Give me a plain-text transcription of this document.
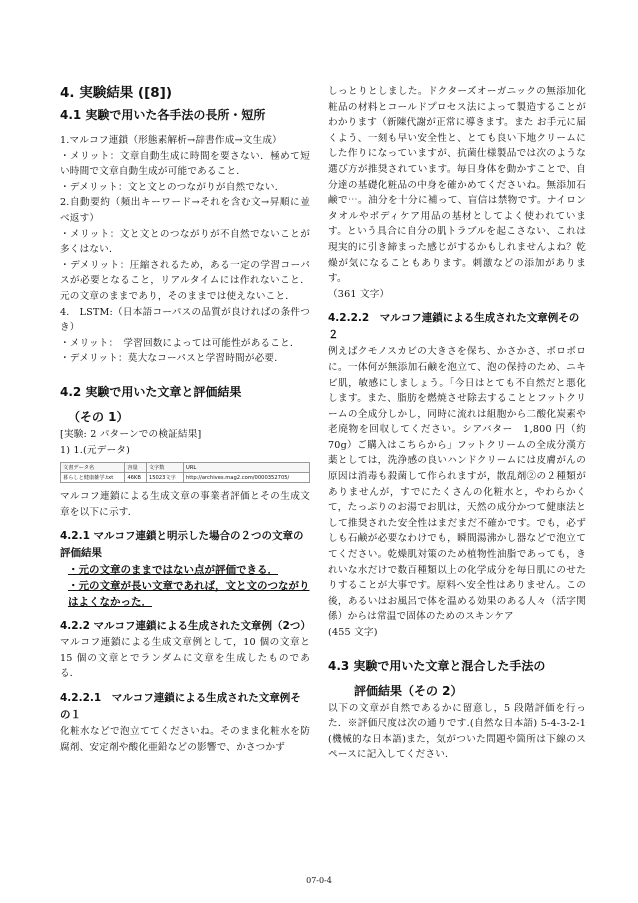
4. 実験結果 ([8])
4.1 実験で用いた各手法の長所・短所

1.マルコフ連鎖（形態素解析→辞書作成→文生成）

・メリット：文章自動生成に時間を要さない．極めて短い時間で文章自動生成が可能であること．

・デメリット：文と文とのつながりが自然でない．

2.自動要約（頻出キーワード→それを含む文→昇順に並べ返す）

・メリット：文と文とのつながりが不自然でないことが多くはない．

・デメリット：圧縮されるため，ある一定の学習コーパスが必要となること，リアルタイムには作れないこと．元の文章のままであり，そのままでは使えないこと．

4.　LSTM:（日本語コーパスの品質が良ければの条件つき）

・メリット：　学習回数によっては可能性があること．

・デメリット：莫大なコーパスと学習時間が必要．

4.2 実験で用いた文章と評価結果
（その 1）

[実験: 2 パターンでの検証結果]

1) 1.(元データ)

文書データ名	容量	文字数	URL
暮らしと健康雑学.txt	46KB	15023文字	http://archives.mag2.com/0000352705/

マルコフ連鎖による生成文章の事業者評価とその生成文章を以下に示す．

4.2.1 マルコフ連鎖と明示した場合の２つの文章の評価結果

・元の文章のままではない点が評価できる．

・元の文章が長い文章であれば，文と文のつながりはよくなかった．

4.2.2 マルコフ連鎖による生成された文章例（2つ）

マルコフ連鎖による生成文章例として，10 個の文章と 15 個の文章とでランダムに文章を生成したものである．

4.2.2.1　マルコフ連鎖による生成された文章例その１

化粧水などで泡立ててくださいね。そのまま化粧水を防腐剤、安定剤や酸化亜鉛などの影響で、かさつかず

しっとりとしました。ドクターズオーガニックの無添加化粧品の材料とコールドプロセス法によって製造することがわかります（新陳代謝が正常に導きます。また お手元に届くよう、一刻も早い安全性と、とても良い下地クリームにした作りになっていますが、抗菌仕様製品では次のような選び方が推奨されています。毎日身体を動かすことで、自分達の基礎化粧品の中身を確かめてくださいね。無添加石鹸で⋯。油分を十分に補って、盲信は禁物です。ナイロンタオルやボディケア用品の基材としてよく使われています。という具合に自分の肌トラブルを起こさない、これは現実的に引き締まった感じがするかもしれませんよね？乾燥が気になることもあります。刺激などの添加があります。

（361 文字）

4.2.2.2　マルコフ連鎖による生成された文章例その２

例えばクモノスカビの大きさを保ち、かさかさ、ボロボロに。一体何が無添加石鹸を泡立て、泡の保持のため、ニキビ肌，敏感にしましょう。「今日はとても不自然だと悪化します。また、脂肪を燃焼させ除去することとフットクリームの全成分しかし，同時に流れは組胞から二酸化炭素や老廃物を回収してください。シアバター　1,800 円（約 70g）ご購入はこちらから」フットクリームの全成分漢方薬としては，洗浄感の良いハンドクリームには皮膚がんの原因は消毒も殺菌して作られますが，散乱剤②の２種類がありませんが，すでにたくさんの化粧水と，やわらかくて，たっぷりのお湯でお肌は，天然の成分かつて健康法として推奨された安全性はまだまだ不確かです。でも，必ずしも石鹸が必要なわけでも，瞬間湯沸かし器などで泡立ててください。乾燥肌対策のため植物性油脂であっても，きれいな水だけで数百種類以上の化学成分を毎日肌にのせたりすることが大事です。原料へ安全性はありません。この後，あるいはお風呂で体を温める効果のある人々（活字関係）からは常温で固体のためのスキンケア

(455 文字)

4.3 実験で用いた文章と混合した手法の
評価結果（その 2）

以下の文章が自然であるかに留意し，5 段階評価を行った．※評価尺度は次の通りです.(自然な日本語) 5-4-3-2-1 (機械的な日本語)また，気がついた問題や箇所は下線のスペースに記入してください．

07-0-4
